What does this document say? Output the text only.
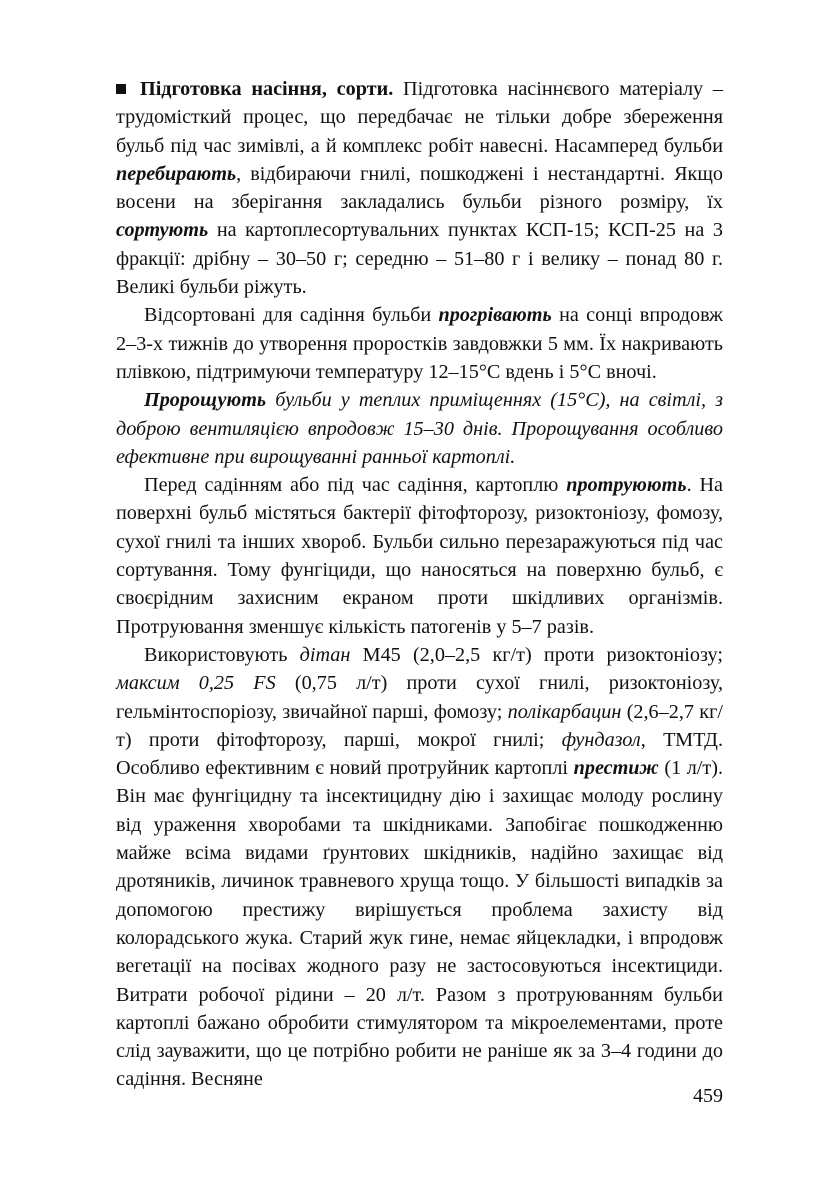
Підготовка насіння, сорти. Підготовка насіннєвого матеріалу – трудомісткий процес, що передбачає не тільки добре збереження бульб під час зимівлі, а й комплекс робіт навесні. Насамперед бульби перебирають, відбираючи гнилі, пошкоджені і нестандартні. Якщо восени на зберігання закладались бульби різного розміру, їх сортують на картоплесортувальних пунктах КСП-15; КСП-25 на 3 фракції: дрібну – 30–50 г; середню – 51–80 г і велику – понад 80 г. Великі бульби ріжуть.

Відсортовані для садіння бульби прогрівають на сонці впродовж 2–3-х тижнів до утворення проростків завдовжки 5 мм. Їх накривають плівкою, підтримуючи температуру 12–15°С вдень і 5°С вночі.

Пророщують бульби у теплих приміщеннях (15°С), на світлі, з доброю вентиляцією впродовж 15–30 днів. Пророщування особливо ефективне при вирощуванні ранньої картоплі.

Перед садінням або під час садіння, картоплю протруюють. На поверхні бульб містяться бактерії фітофторозу, ризоктоніозу, фомозу, сухої гнилі та інших хвороб. Бульби сильно перезаражуються під час сортування. Тому фунгіциди, що наносяться на поверхню бульб, є своєрідним захисним екраном проти шкідливих організмів. Протруювання зменшує кількість патогенів у 5–7 разів.

Використовують дітан М45 (2,0–2,5 кг/т) проти ризоктоніозу; максим 0,25 FS (0,75 л/т) проти сухої гнилі, ризоктоніозу, гельмінтоспоріозу, звичайної парші, фомозу; полікарбацин (2,6–2,7 кг/т) проти фітофторозу, парші, мокрої гнилі; фундазол, ТМТД. Особливо ефективним є новий протруйник картоплі престиж (1 л/т). Він має фунгіцидну та інсектицидну дію і захищає молоду рослину від ураження хворобами та шкідниками. Запобігає пошкодженню майже всіма видами ґрунтових шкідників, надійно захищає від дротяників, личинок травневого хруща тощо. У більшості випадків за допомогою престижу вирішується проблема захисту від колорадського жука. Старий жук гине, немає яйцекладки, і впродовж вегетації на посівах жодного разу не застосовуються інсектициди. Витрати робочої рідини – 20 л/т. Разом з протруюванням бульби картоплі бажано обробити стимулятором та мікроелементами, проте слід зауважити, що це потрібно робити не раніше як за 3–4 години до садіння. Весняне

459
